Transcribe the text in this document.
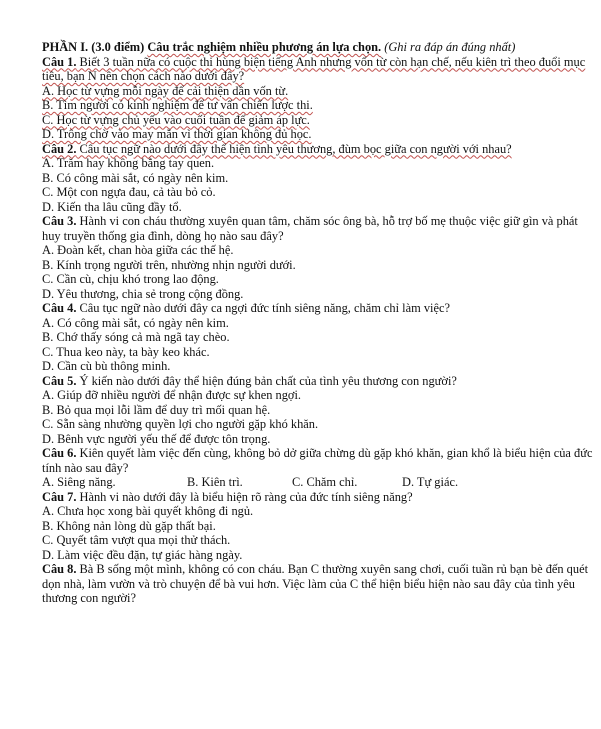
PHẦN I. (3.0 điểm) Câu trắc nghiệm nhiều phương án lựa chọn. (Ghi ra đáp án đúng nhất)

Câu 1. Biết 3 tuần nữa có cuộc thi hùng biện tiếng Anh nhưng vốn từ còn hạn chế, nếu kiên trì theo đuổi mục tiêu, bạn N nên chọn cách nào dưới đây?

A. Học từ vựng mỗi ngày để cải thiện dần vốn từ.

B. Tìm người có kinh nghiệm để tư vấn chiến lược thi.

C. Học từ vựng chủ yếu vào cuối tuần để giảm áp lực.

D. Trông chờ vào may mắn vì thời gian không đủ học.

Câu 2. Câu tục ngữ nào dưới đây thể hiện tình yêu thương, đùm bọc giữa con người với nhau?

A. Trăm hay không bằng tay quen.

B. Có công mài sắt, có ngày nên kim.

C. Một con ngựa đau, cả tàu bỏ cỏ.

D. Kiến tha lâu cũng đầy tổ.

Câu 3. Hành vi con cháu thường xuyên quan tâm, chăm sóc ông bà, hỗ trợ bố mẹ thuộc việc giữ gìn và phát huy truyền thống gia đình, dòng họ nào sau đây?

A. Đoàn kết, chan hòa giữa các thế hệ.

B. Kính trọng người trên, nhường nhịn người dưới.

C. Cần cù, chịu khó trong lao động.

D. Yêu thương, chia sẻ trong cộng đồng.

Câu 4. Câu tục ngữ nào dưới đây ca ngợi đức tính siêng năng, chăm chỉ làm việc?

A. Có công mài sắt, có ngày nên kim.

B. Chớ thấy sóng cả mà ngã tay chèo.

C. Thua keo này, ta bày keo khác.

D. Cần cù bù thông minh.

Câu 5. Ý kiến nào dưới đây thể hiện đúng bản chất của tình yêu thương con người?

A. Giúp đỡ nhiều người để nhận được sự khen ngợi.

B. Bỏ qua mọi lỗi lầm để duy trì mối quan hệ.

C. Sẵn sàng nhường quyền lợi cho người gặp khó khăn.

D. Bênh vực người yếu thế để được tôn trọng.

Câu 6. Kiên quyết làm việc đến cùng, không bỏ dở giữa chừng dù gặp khó khăn, gian khổ là biểu hiện của đức tính nào sau đây?

A. Siêng năng.	B. Kiên trì.	C. Chăm chỉ.	D. Tự giác.

Câu 7. Hành vi nào dưới đây là biểu hiện rõ ràng của đức tính siêng năng?

A. Chưa học xong bài quyết không đi ngủ.

B. Không nản lòng dù gặp thất bại.

C. Quyết tâm vượt qua mọi thử thách.

D. Làm việc đều đặn, tự giác hàng ngày.

Câu 8. Bà B sống một mình, không có con cháu. Bạn C thường xuyên sang chơi, cuối tuần rủ bạn bè đến quét dọn nhà, làm vườn và trò chuyện để bà vui hơn. Việc làm của C thể hiện biểu hiện nào sau đây của tình yêu thương con người?
